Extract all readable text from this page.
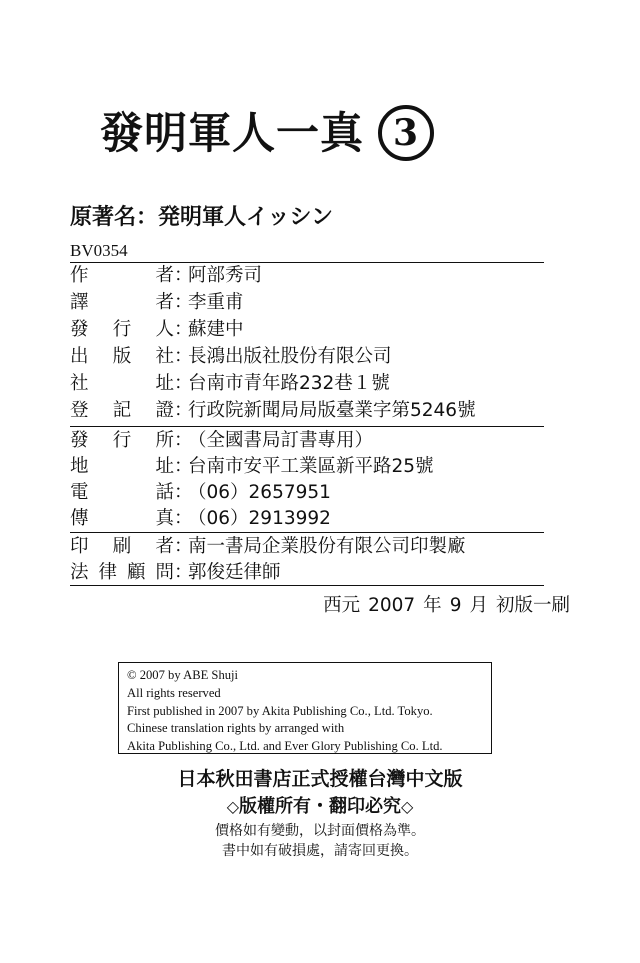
發明軍人一真 3
原著名：発明軍人イッシン
BV0354
作者：阿部秀司
譯者：李重甫
發行人：蘇建中
出版社：長鴻出版社股份有限公司
社址：台南市青年路232巷１號
登記證：行政院新聞局局版臺業字第5246號
發行所：（全國書局訂書專用）
地址：台南市安平工業區新平路25號
電話：（06）2657951
傳真：（06）2913992
印刷者：南一書局企業股份有限公司印製廠
法律顧問：郭俊廷律師
西元 2007 年 9 月 初版一刷
© 2007 by ABE Shuji
All rights reserved
First published in 2007 by Akita Publishing Co., Ltd. Tokyo.
Chinese translation rights by arranged with
Akita Publishing Co., Ltd. and Ever Glory Publishing Co. Ltd.
日本秋田書店正式授權台灣中文版
◇版權所有・翻印必究◇
價格如有變動，以封面價格為準。
書中如有破損處，請寄回更換。
